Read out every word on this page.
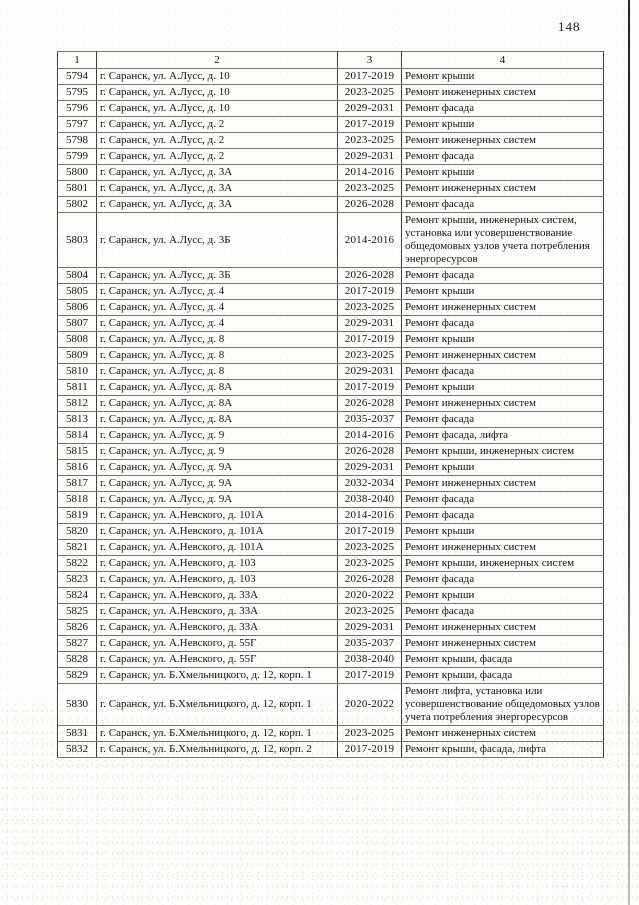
148
1	2	3	4
5794	г. Саранск, ул. А.Лусс, д. 10	2017-2019	Ремонт крыши
5795	г. Саранск, ул. А.Лусс, д. 10	2023-2025	Ремонт инженерных систем
5796	г. Саранск, ул. А.Лусс, д. 10	2029-2031	Ремонт фасада
5797	г. Саранск, ул. А.Лусс, д. 2	2017-2019	Ремонт крыши
5798	г. Саранск, ул. А.Лусс, д. 2	2023-2025	Ремонт инженерных систем
5799	г. Саранск, ул. А.Лусс, д. 2	2029-2031	Ремонт фасада
5800	г. Саранск, ул. А.Лусс, д. 3А	2014-2016	Ремонт крыши
5801	г. Саранск, ул. А.Лусс, д. 3А	2023-2025	Ремонт инженерных систем
5802	г. Саранск, ул. А.Лусс, д. 3А	2026-2028	Ремонт фасада
5803	г. Саранск, ул. А.Лусс, д. 3Б	2014-2016	Ремонт крыши, инженерных систем, установка или усовершенствование общедомовых узлов учета потребления энергоресурсов
5804	г. Саранск, ул. А.Лусс, д. 3Б	2026-2028	Ремонт фасада
5805	г. Саранск, ул. А.Лусс, д. 4	2017-2019	Ремонт крыши
5806	г. Саранск, ул. А.Лусс, д. 4	2023-2025	Ремонт инженерных систем
5807	г. Саранск, ул. А.Лусс, д. 4	2029-2031	Ремонт фасада
5808	г. Саранск, ул. А.Лусс, д. 8	2017-2019	Ремонт крыши
5809	г. Саранск, ул. А.Лусс, д. 8	2023-2025	Ремонт инженерных систем
5810	г. Саранск, ул. А.Лусс, д. 8	2029-2031	Ремонт фасада
5811	г. Саранск, ул. А.Лусс, д. 8А	2017-2019	Ремонт крыши
5812	г. Саранск, ул. А.Лусс, д. 8А	2026-2028	Ремонт инженерных систем
5813	г. Саранск, ул. А.Лусс, д. 8А	2035-2037	Ремонт фасада
5814	г. Саранск, ул. А.Лусс, д. 9	2014-2016	Ремонт фасада, лифта
5815	г. Саранск, ул. А.Лусс, д. 9	2026-2028	Ремонт крыши, инженерных систем
5816	г. Саранск, ул. А.Лусс, д. 9А	2029-2031	Ремонт крыши
5817	г. Саранск, ул. А.Лусс, д. 9А	2032-2034	Ремонт инженерных систем
5818	г. Саранск, ул. А.Лусс, д. 9А	2038-2040	Ремонт фасада
5819	г. Саранск, ул. А.Невского, д. 101А	2014-2016	Ремонт фасада
5820	г. Саранск, ул. А.Невского, д. 101А	2017-2019	Ремонт крыши
5821	г. Саранск, ул. А.Невского, д. 101А	2023-2025	Ремонт инженерных систем
5822	г. Саранск, ул. А.Невского, д. 103	2023-2025	Ремонт крыши, инженерных систем
5823	г. Саранск, ул. А.Невского, д. 103	2026-2028	Ремонт фасада
5824	г. Саранск, ул. А.Невского, д. 33А	2020-2022	Ремонт крыши
5825	г. Саранск, ул. А.Невского, д. 33А	2023-2025	Ремонт фасада
5826	г. Саранск, ул. А.Невского, д. 33А	2029-2031	Ремонт инженерных систем
5827	г. Саранск, ул. А.Невского, д. 55Г	2035-2037	Ремонт инженерных систем
5828	г. Саранск, ул. А.Невского, д. 55Г	2038-2040	Ремонт крыши, фасада
5829	г. Саранск, ул. Б.Хмельницкого, д. 12, корп. 1	2017-2019	Ремонт крыши, фасада
5830	г. Саранск, ул. Б.Хмельницкого, д. 12, корп. 1	2020-2022	Ремонт лифта, установка или усовершенствование общедомовых узлов учета потребления энергоресурсов
5831	г. Саранск, ул. Б.Хмельницкого, д. 12, корп. 1	2023-2025	Ремонт инженерных систем
5832	г. Саранск, ул. Б.Хмельницкого, д. 12, корп. 2	2017-2019	Ремонт крыши, фасада, лифта
